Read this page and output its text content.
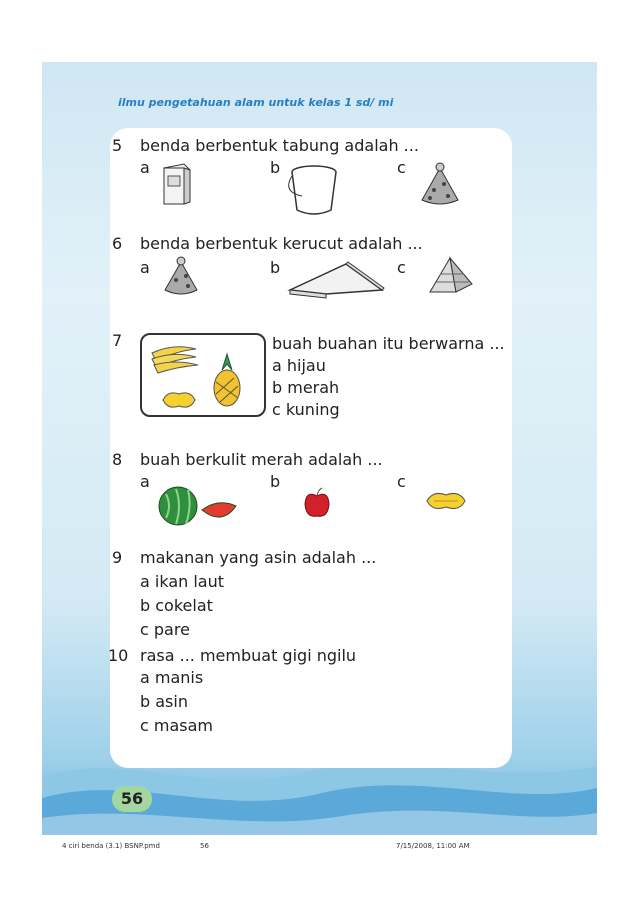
ilmu pengetahuan alam untuk kelas 1 sd/ mi
5 benda berbentuk tabung adalah ...
a	b	c
6 benda berbentuk kerucut adalah ...
a	b	c
7	buah buahan itu berwarna ...
a hijau
b merah
c kuning
8 buah berkulit merah adalah ...
a	b	c
9 makanan yang asin adalah ...
a ikan laut
b cokelat
c pare
10 rasa ... membuat gigi ngilu
a manis
b asin
c masam
56
4 ciri benda (3.1) BSNP.pmd	56	7/15/2008, 11:00 AM
